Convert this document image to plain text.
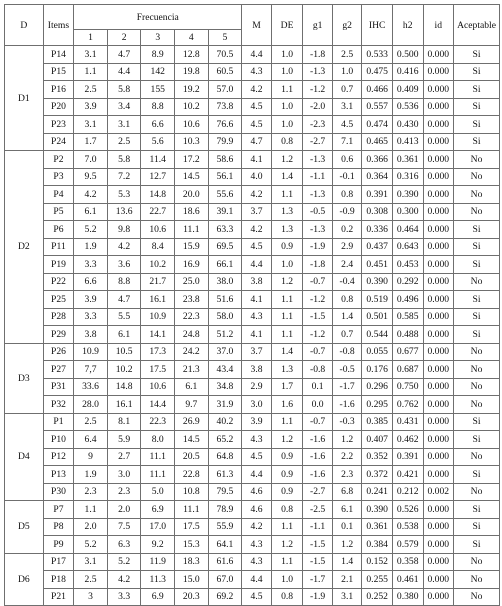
D	Items	Frecuencia					M	DE	g1	g2	IHC	h2	id	Aceptable
		1	2	3	4	5								
D1	P14	3.1	4.7	8.9	12.8	70.5	4.4	1.0	-1.8	2.5	0.533	0.500	0.000	Si
	P15	1.1	4.4	142	19.8	60.5	4.3	1.0	-1.3	1.0	0.475	0.416	0.000	Si
	P16	2.5	5.8	155	19.2	57.0	4.2	1.1	-1.2	0.7	0.466	0.409	0.000	Si
	P20	3.9	3.4	8.8	10.2	73.8	4.5	1.0	-2.0	3.1	0.557	0.536	0.000	Si
	P23	3.1	3.1	6.6	10.6	76.6	4.5	1.0	-2.3	4.5	0.474	0.430	0.000	Si
	P24	1.7	2.5	5.6	10.3	79.9	4.7	0.8	-2.7	7.1	0.465	0.413	0.000	Si
D2	P2	7.0	5.8	11.4	17.2	58.6	4.1	1.2	-1.3	0.6	0.366	0.361	0.000	No
	P3	9.5	7.2	12.7	14.5	56.1	4.0	1.4	-1.1	-0.1	0.364	0.316	0.000	No
	P4	4.2	5.3	14.8	20.0	55.6	4.2	1.1	-1.3	0.8	0.391	0.390	0.000	No
	P5	6.1	13.6	22.7	18.6	39.1	3.7	1.3	-0.5	-0.9	0.308	0.300	0.000	No
	P6	5.2	9.8	10.6	11.1	63.3	4.2	1.3	-1.3	0.2	0.336	0.464	0.000	Si
	P11	1.9	4.2	8.4	15.9	69.5	4.5	0.9	-1.9	2.9	0.437	0.643	0.000	Si
	P19	3.3	3.6	10.2	16.9	66.1	4.4	1.0	-1.8	2.4	0.451	0.453	0.000	Si
	P22	6.6	8.8	21.7	25.0	38.0	3.8	1.2	-0.7	-0.4	0.390	0.292	0.000	No
	P25	3.9	4.7	16.1	23.8	51.6	4.1	1.1	-1.2	0.8	0.519	0.496	0.000	Si
	P28	3.3	5.5	10.9	22.3	58.0	4.3	1.1	-1.5	1.4	0.501	0.585	0.000	Si
	P29	3.8	6.1	14.1	24.8	51.2	4.1	1.1	-1.2	0.7	0.544	0.488	0.000	Si
D3	P26	10.9	10.5	17.3	24.2	37.0	3.7	1.4	-0.7	-0.8	0.055	0.677	0.000	No
	P27	7,7	10.2	17.5	21.3	43.4	3.8	1.3	-0.8	-0.5	0.176	0.687	0.000	No
	P31	33.6	14.8	10.6	6.1	34.8	2.9	1.7	0.1	-1.7	0.296	0.750	0.000	No
	P32	28.0	16.1	14.4	9.7	31.9	3.0	1.6	0.0	-1.6	0.295	0.762	0.000	No
D4	P1	2.5	8.1	22.3	26.9	40.2	3.9	1.1	-0.7	-0.3	0.385	0.431	0.000	Si
	P10	6.4	5.9	8.0	14.5	65.2	4.3	1.2	-1.6	1.2	0.407	0.462	0.000	Si
	P12	9	2.7	11.1	20.5	64.8	4.5	0.9	-1.6	2.2	0.352	0.391	0.000	No
	P13	1.9	3.0	11.1	22.8	61.3	4.4	0.9	-1.6	2.3	0.372	0.421	0.000	Si
	P30	2.3	2.3	5.0	10.8	79.5	4.6	0.9	-2.7	6.8	0.241	0.212	0.002	No
D5	P7	1.1	2.0	6.9	11.1	78.9	4.6	0.8	-2.5	6.1	0.390	0.526	0.000	Si
	P8	2.0	7.5	17.0	17.5	55.9	4.2	1.1	-1.1	0.1	0.361	0.538	0.000	Si
	P9	5.2	6.3	9.2	15.3	64.1	4.3	1.2	-1.5	1.2	0.384	0.579	0.000	Si
D6	P17	3.1	5.2	11.9	18.3	61.6	4.3	1.1	-1.5	1.4	0.152	0.358	0.000	No
	P18	2.5	4.2	11.3	15.0	67.0	4.4	1.0	-1.7	2.1	0.255	0.461	0.000	No
	P21	3	3.3	6.9	20.3	69.2	4.5	0.8	-1.9	3.1	0.252	0.380	0.000	No
